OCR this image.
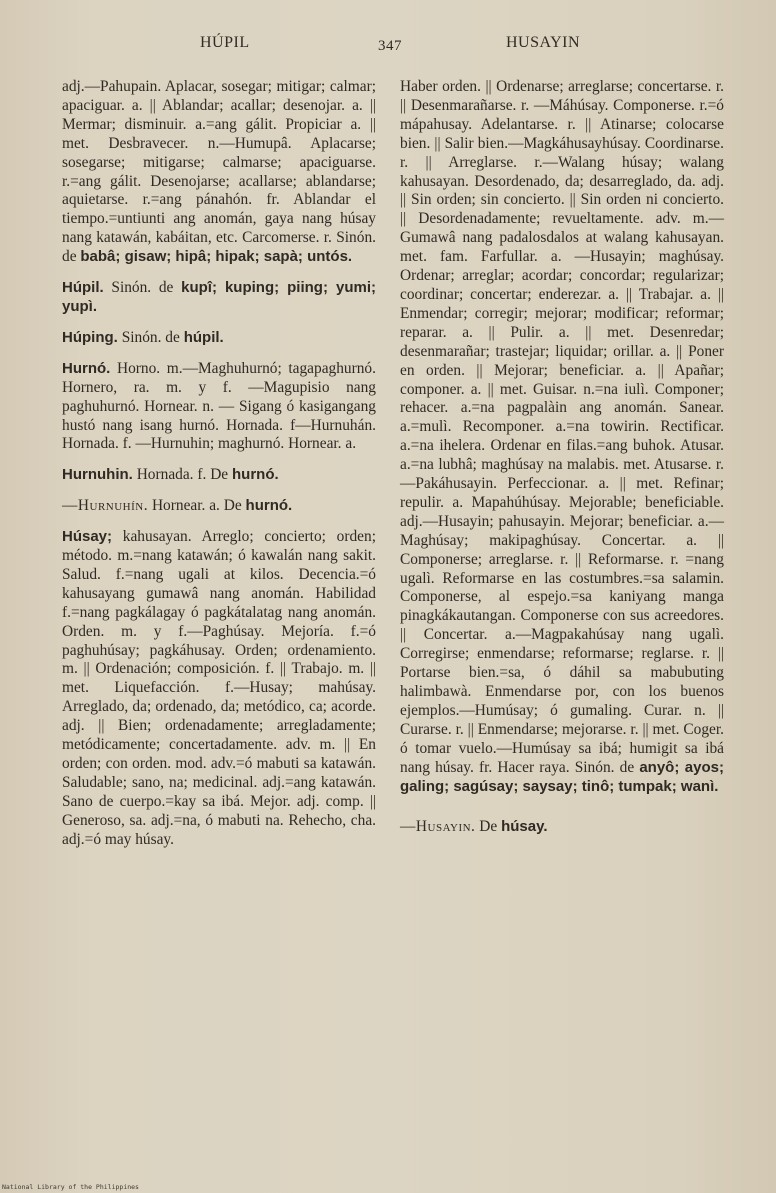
HÚPIL	347	HUSAYIN

adj.—Pahupain. Aplacar, sosegar; mitigar; calmar; apaciguar. a. || Ablandar; acallar; desenojar. a. || Mermar; disminuir. a.=ang gálit. Propiciar a. || met. Desbravecer. n.—Humupâ. Aplacarse; sosegarse; mitigarse; calmarse; apaciguarse. r.=ang gálit. Desenojarse; acallarse; ablandarse; aquietarse. r.=ang pánahón. fr. Ablandar el tiempo.=untiunti ang anomán, gaya nang húsay nang katawán, kabáitan, etc. Carcomerse. r. Sinón. de babâ; gisaw; hipâ; hipak; sapà; untós.

Húpil. Sinón. de kupî; kuping; piing; yumi; yupì.

Húping. Sinón. de húpil.

Hurnó. Horno. m.—Maghuhurnó; tagapaghurnó. Hornero, ra. m. y f. —Magupisio nang paghuhurnó. Hornear. n. — Sigang ó kasigangang hustó nang isang hurnó. Hornada. f—Hurnuhán. Hornada. f. —Hurnuhin; maghurnó. Hornear. a.

Hurnuhin. Hornada. f. De hurnó.

—Hurnuhín. Hornear. a. De hurnó.

Húsay; kahusayan. Arreglo; concierto; orden; método. m.=nang katawán; ó kawalán nang sakit. Salud. f.=nang ugali at kilos. Decencia.=ó kahusayang gumawâ nang anomán. Habilidad f.=nang pagkálagay ó pagkátalatag nang anomán. Orden. m. y f.—Paghúsay. Mejoría. f.=ó paghuhúsay; pagkáhusay. Orden; ordenamiento. m. || Ordenación; composición. f. || Trabajo. m. || met. Liquefacción. f.—Husay; mahúsay. Arreglado, da; ordenado, da; metódico, ca; acorde. adj. || Bien; ordenadamente; arregladamente; metódicamente; concertadamente. adv. m. || En orden; con orden. mod. adv.=ó mabuti sa katawán. Saludable; sano, na; medicinal. adj.=ang katawán. Sano de cuerpo.=kay sa ibá. Mejor. adj. comp. || Generoso, sa. adj.=na, ó mabuti na. Rehecho, cha. adj.=ó may húsay.

Haber orden. || Ordenarse; arreglarse; concertarse. r. || Desenmarañarse. r. —Máhúsay. Componerse. r.=ó mápahusay. Adelantarse. r. || Atinarse; colocarse bien. || Salir bien.—Magkáhusayhúsay. Coordinarse. r. || Arreglarse. r.—Walang húsay; walang kahusayan. Desordenado, da; desarreglado, da. adj. || Sin orden; sin concierto. || Sin orden ni concierto. || Desordenadamente; revueltamente. adv. m.—Gumawâ nang padalosdalos at walang kahusayan. met. fam. Farfullar. a. —Husayin; maghúsay. Ordenar; arreglar; acordar; concordar; regularizar; coordinar; concertar; enderezar. a. || Trabajar. a. || Enmendar; corregir; mejorar; modificar; reformar; reparar. a. || Pulir. a. || met. Desenredar; desenmarañar; trastejar; liquidar; orillar. a. || Poner en orden. || Mejorar; beneficiar. a. || Apañar; componer. a. || met. Guisar. n.=na iulì. Componer; rehacer. a.=na pagpalàin ang anomán. Sanear. a.=mulì. Recomponer. a.=na towirin. Rectificar. a.=na ihelera. Ordenar en filas.=ang buhok. Atusar. a.=na lubhâ; maghúsay na malabis. met. Atusarse. r.—Pakáhusayin. Perfeccionar. a. || met. Refinar; repulir. a. Mapahúhúsay. Mejorable; beneficiable. adj.—Husayin; pahusayin. Mejorar; beneficiar. a.—Maghúsay; makipaghúsay. Concertar. a. || Componerse; arreglarse. r. || Reformarse. r. =nang ugalì. Reformarse en las costumbres.=sa salamin. Componerse, al espejo.=sa kaniyang manga pinagkákautangan. Componerse con sus acreedores. || Concertar. a.—Magpakahúsay nang ugalì. Corregirse; enmendarse; reformarse; reglarse. r. || Portarse bien.=sa, ó dáhil sa mabubuting halimbawà. Enmendarse por, con los buenos ejemplos.—Humúsay; ó gumaling. Curar. n. || Curarse. r. || Enmendarse; mejorarse. r. || met. Coger. ó tomar vuelo.—Humúsay sa ibá; humigit sa ibá nang húsay. fr. Hacer raya. Sinón. de anyô; ayos; galing; sagúsay; saysay; tinô; tumpak; wanì.

—Husayin. De húsay.

National Library of the Philippines
